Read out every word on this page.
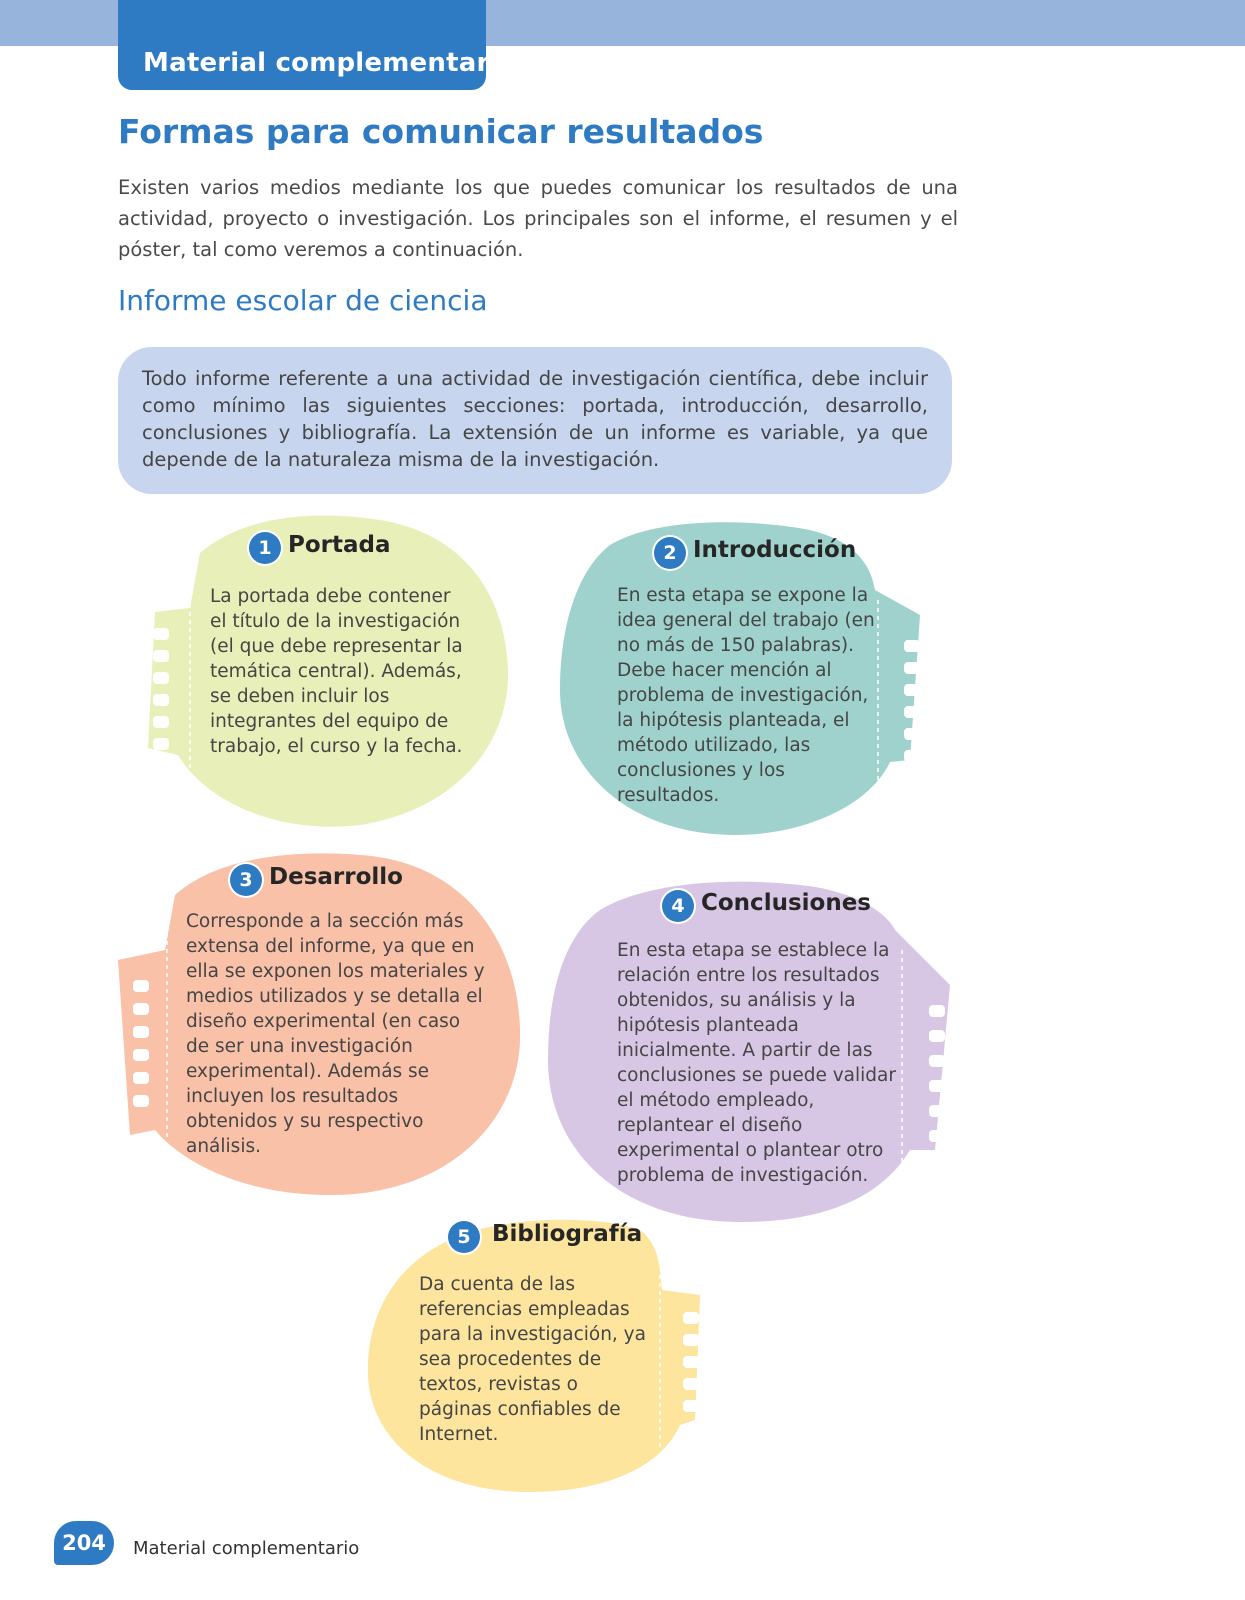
Material complementario
Formas para comunicar resultados

Existen varios medios mediante los que puedes comunicar los resultados de una actividad, proyecto o investigación. Los principales son el informe, el resumen y el póster, tal como veremos a continuación.

Informe escolar de ciencia
Todo informe referente a una actividad de investigación científica, debe incluir como mínimo las siguientes secciones: portada, introducción, desarrollo, conclusiones y bibliografía. La extensión de un informe es variable, ya que depende de la naturaleza misma de la investigación.
1 Portada

La portada debe contener el título de la investigación (el que debe representar la temática central). Además, se deben incluir los integrantes del equipo de trabajo, el curso y la fecha.

2 Introducción

En esta etapa se expone la idea general del trabajo (en no más de 150 palabras). Debe hacer mención al problema de investigación, la hipótesis planteada, el método utilizado, las conclusiones y los resultados.

3 Desarrollo

Corresponde a la sección más extensa del informe, ya que en ella se exponen los materiales y medios utilizados y se detalla el diseño experimental (en caso de ser una investigación experimental). Además se incluyen los resultados obtenidos y su respectivo análisis.

4 Conclusiones

En esta etapa se establece la relación entre los resultados obtenidos, su análisis y la hipótesis planteada inicialmente. A partir de las conclusiones se puede validar el método empleado, replantear el diseño experimental o plantear otro problema de investigación.

5 Bibliografía

Da cuenta de las referencias empleadas para la investigación, ya sea procedentes de textos, revistas o páginas confiables de Internet.

204	Material complementario
